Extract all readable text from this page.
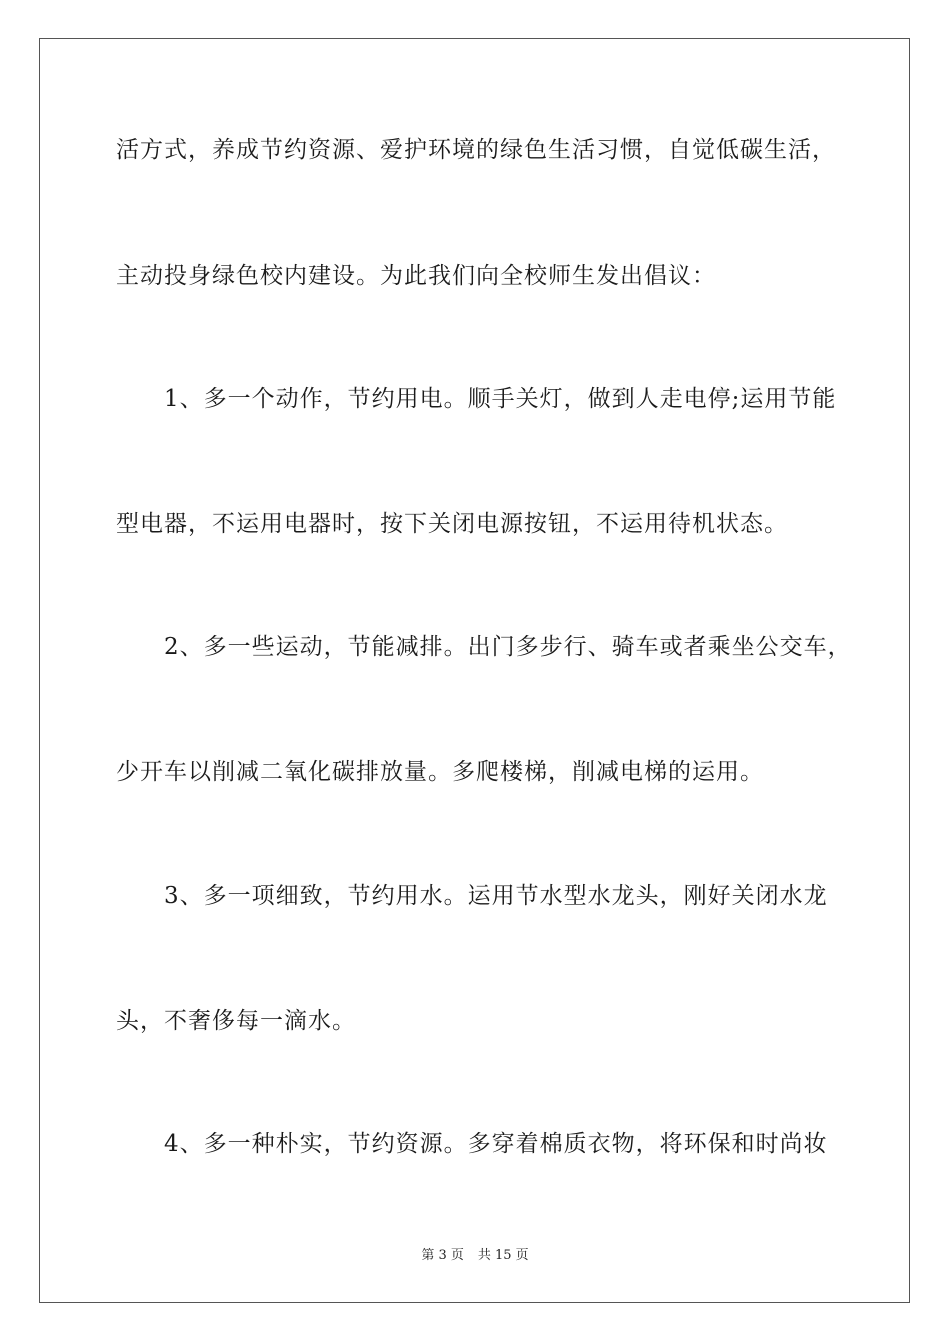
活方式，养成节约资源、爱护环境的绿色生活习惯，自觉低碳生活，
主动投身绿色校内建设。为此我们向全校师生发出倡议：
1、多一个动作，节约用电。顺手关灯，做到人走电停;运用节能
型电器，不运用电器时，按下关闭电源按钮，不运用待机状态。
2、多一些运动，节能减排。出门多步行、骑车或者乘坐公交车，
少开车以削减二氧化碳排放量。多爬楼梯，削减电梯的运用。
3、多一项细致，节约用水。运用节水型水龙头，刚好关闭水龙
头，不奢侈每一滴水。
4、多一种朴实，节约资源。多穿着棉质衣物，将环保和时尚妆
第 3 页 共 15 页
